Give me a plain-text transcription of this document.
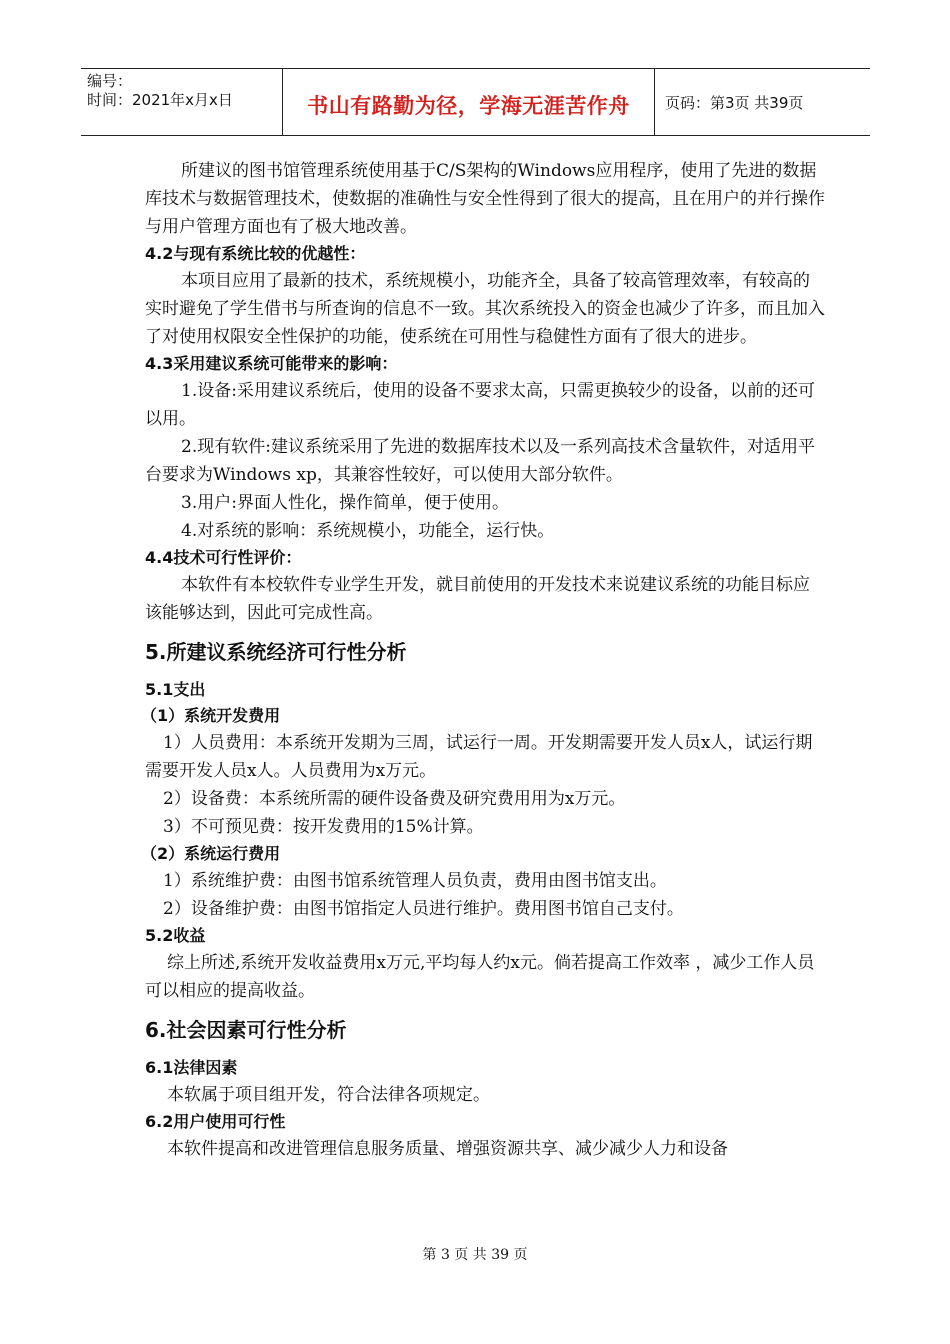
编号：
时间：2021年x月x日	书山有路勤为径，学海无涯苦作舟	页码：第3页 共39页

所建议的图书馆管理系统使用基于C/S架构的Windows应用程序，使用了先进的数据库技术与数据管理技术，使数据的准确性与安全性得到了很大的提高，且在用户的并行操作与用户管理方面也有了极大地改善。

4.2与现有系统比较的优越性：

本项目应用了最新的技术，系统规模小，功能齐全，具备了较高管理效率，有较高的实时避免了学生借书与所查询的信息不一致。其次系统投入的资金也减少了许多，而且加入了对使用权限安全性保护的功能，使系统在可用性与稳健性方面有了很大的进步。

4.3采用建议系统可能带来的影响：

1.设备:采用建议系统后，使用的设备不要求太高，只需更换较少的设备，以前的还可以用。

2.现有软件:建议系统采用了先进的数据库技术以及一系列高技术含量软件，对适用平台要求为Windows xp，其兼容性较好，可以使用大部分软件。

3.用户:界面人性化，操作简单，便于使用。

4.对系统的影响：系统规模小，功能全，运行快。

4.4技术可行性评价：

本软件有本校软件专业学生开发，就目前使用的开发技术来说建议系统的功能目标应该能够达到，因此可完成性高。

5.所建议系统经济可行性分析
5.1支出
（1）系统开发费用

1）人员费用：本系统开发期为三周，试运行一周。开发期需要开发人员x人，试运行期需要开发人员x人。人员费用为x万元。

2）设备费：本系统所需的硬件设备费及研究费用用为x万元。

3）不可预见费：按开发费用的15%计算。

（2）系统运行费用

1）系统维护费：由图书馆系统管理人员负责，费用由图书馆支出。

2）设备维护费：由图书馆指定人员进行维护。费用图书馆自己支付。

5.2收益

综上所述,系统开发收益费用x万元,平均每人约x元。倘若提高工作效率 ，减少工作人员可以相应的提高收益。

6.社会因素可行性分析
6.1法律因素

本软属于项目组开发，符合法律各项规定。

6.2用户使用可行性

本软件提高和改进管理信息服务质量、增强资源共享、减少减少人力和设备

第 3 页 共 39 页
